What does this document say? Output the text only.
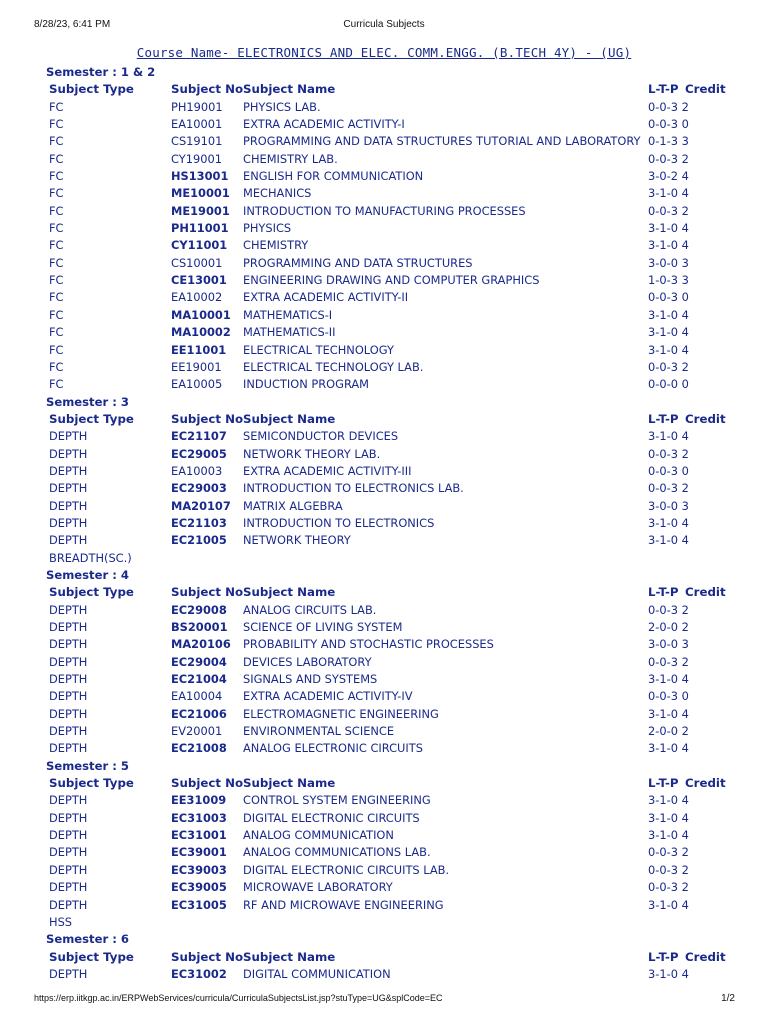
8/28/23, 6:41 PM	Curricula Subjects
Course Name- ELECTRONICS AND ELEC. COMM.ENGG. (B.TECH 4Y) - (UG)
Semester : 1 & 2
Subject Type	Subject No Subject Name	L-T-P Credit
FC	PH19001 PHYSICS LAB.	0-0-3 2
FC	EA10001 EXTRA ACADEMIC ACTIVITY-I	0-0-3 0
FC	CS19101 PROGRAMMING AND DATA STRUCTURES TUTORIAL AND LABORATORY 0-1-3 3
FC	CY19001 CHEMISTRY LAB.	0-0-3 2
FC	HS13001 ENGLISH FOR COMMUNICATION	3-0-2 4
FC	ME10001 MECHANICS	3-1-0 4
FC	ME19001 INTRODUCTION TO MANUFACTURING PROCESSES	0-0-3 2
FC	PH11001 PHYSICS	3-1-0 4
FC	CY11001 CHEMISTRY	3-1-0 4
FC	CS10001 PROGRAMMING AND DATA STRUCTURES	3-0-0 3
FC	CE13001 ENGINEERING DRAWING AND COMPUTER GRAPHICS	1-0-3 3
FC	EA10002 EXTRA ACADEMIC ACTIVITY-II	0-0-3 0
FC	MA10001 MATHEMATICS-I	3-1-0 4
FC	MA10002 MATHEMATICS-II	3-1-0 4
FC	EE11001 ELECTRICAL TECHNOLOGY	3-1-0 4
FC	EE19001 ELECTRICAL TECHNOLOGY LAB.	0-0-3 2
FC	EA10005 INDUCTION PROGRAM	0-0-0 0
Semester : 3
Subject Type	Subject No Subject Name	L-T-P Credit
DEPTH	EC21107 SEMICONDUCTOR DEVICES	3-1-0 4
DEPTH	EC29005 NETWORK THEORY LAB.	0-0-3 2
DEPTH	EA10003 EXTRA ACADEMIC ACTIVITY-III	0-0-3 0
DEPTH	EC29003 INTRODUCTION TO ELECTRONICS LAB.	0-0-3 2
DEPTH	MA20107 MATRIX ALGEBRA	3-0-0 3
DEPTH	EC21103 INTRODUCTION TO ELECTRONICS	3-1-0 4
DEPTH	EC21005 NETWORK THEORY	3-1-0 4
BREADTH(SC.)
Semester : 4
Subject Type	Subject No Subject Name	L-T-P Credit
DEPTH	EC29008 ANALOG CIRCUITS LAB.	0-0-3 2
DEPTH	BS20001 SCIENCE OF LIVING SYSTEM	2-0-0 2
DEPTH	MA20106 PROBABILITY AND STOCHASTIC PROCESSES	3-0-0 3
DEPTH	EC29004 DEVICES LABORATORY	0-0-3 2
DEPTH	EC21004 SIGNALS AND SYSTEMS	3-1-0 4
DEPTH	EA10004 EXTRA ACADEMIC ACTIVITY-IV	0-0-3 0
DEPTH	EC21006 ELECTROMAGNETIC ENGINEERING	3-1-0 4
DEPTH	EV20001 ENVIRONMENTAL SCIENCE	2-0-0 2
DEPTH	EC21008 ANALOG ELECTRONIC CIRCUITS	3-1-0 4
Semester : 5
Subject Type	Subject No Subject Name	L-T-P Credit
DEPTH	EE31009 CONTROL SYSTEM ENGINEERING	3-1-0 4
DEPTH	EC31003 DIGITAL ELECTRONIC CIRCUITS	3-1-0 4
DEPTH	EC31001 ANALOG COMMUNICATION	3-1-0 4
DEPTH	EC39001 ANALOG COMMUNICATIONS LAB.	0-0-3 2
DEPTH	EC39003 DIGITAL ELECTRONIC CIRCUITS LAB.	0-0-3 2
DEPTH	EC39005 MICROWAVE LABORATORY	0-0-3 2
DEPTH	EC31005 RF AND MICROWAVE ENGINEERING	3-1-0 4
HSS
Semester : 6
Subject Type	Subject No Subject Name	L-T-P Credit
DEPTH	EC31002 DIGITAL COMMUNICATION	3-1-0 4
https://erp.iitkgp.ac.in/ERPWebServices/curricula/CurriculaSubjectsList.jsp?stuType=UG&splCode=EC	1/2
